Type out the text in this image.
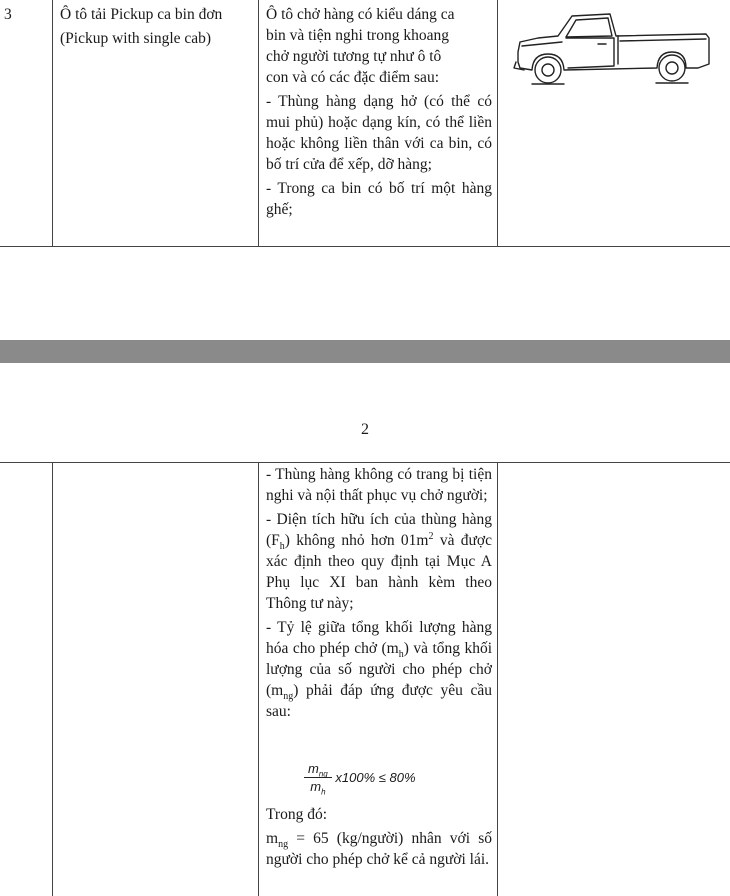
3	Ô tô tải Pickup ca bin đơn

(Pickup with single cab)

Ô tô chở hàng có kiểu dáng ca
bin và tiện nghi trong khoang
chở người tương tự như ô tô
con và có các đặc điểm sau:

- Thùng hàng dạng hở (có thể có mui phủ) hoặc dạng kín, có thể liền hoặc không liền thân với ca bin, có bố trí cửa để xếp, dỡ hàng;

- Trong ca bin có bố trí một hàng ghế;

2

- Thùng hàng không có trang bị tiện nghi và nội thất phục vụ chở người;

- Diện tích hữu ích của thùng hàng $(F_h)$ không nhỏ hơn $01m^2$ và được xác định theo quy định tại Mục A Phụ lục XI ban hành kèm theo Thông tư này;

- Tỷ lệ giữa tổng khối lượng hàng hóa cho phép chở $(m_h)$ và tổng khối lượng của số người cho phép chở $(m_{ng})$ phải đáp ứng được yêu cầu sau:

$\frac{m_{ng}}{m_h} x100\% \le 80\%$

Trong đó:

$m_{ng} = 65$ (kg/người) nhân với số người cho phép chở kể cả người lái.
